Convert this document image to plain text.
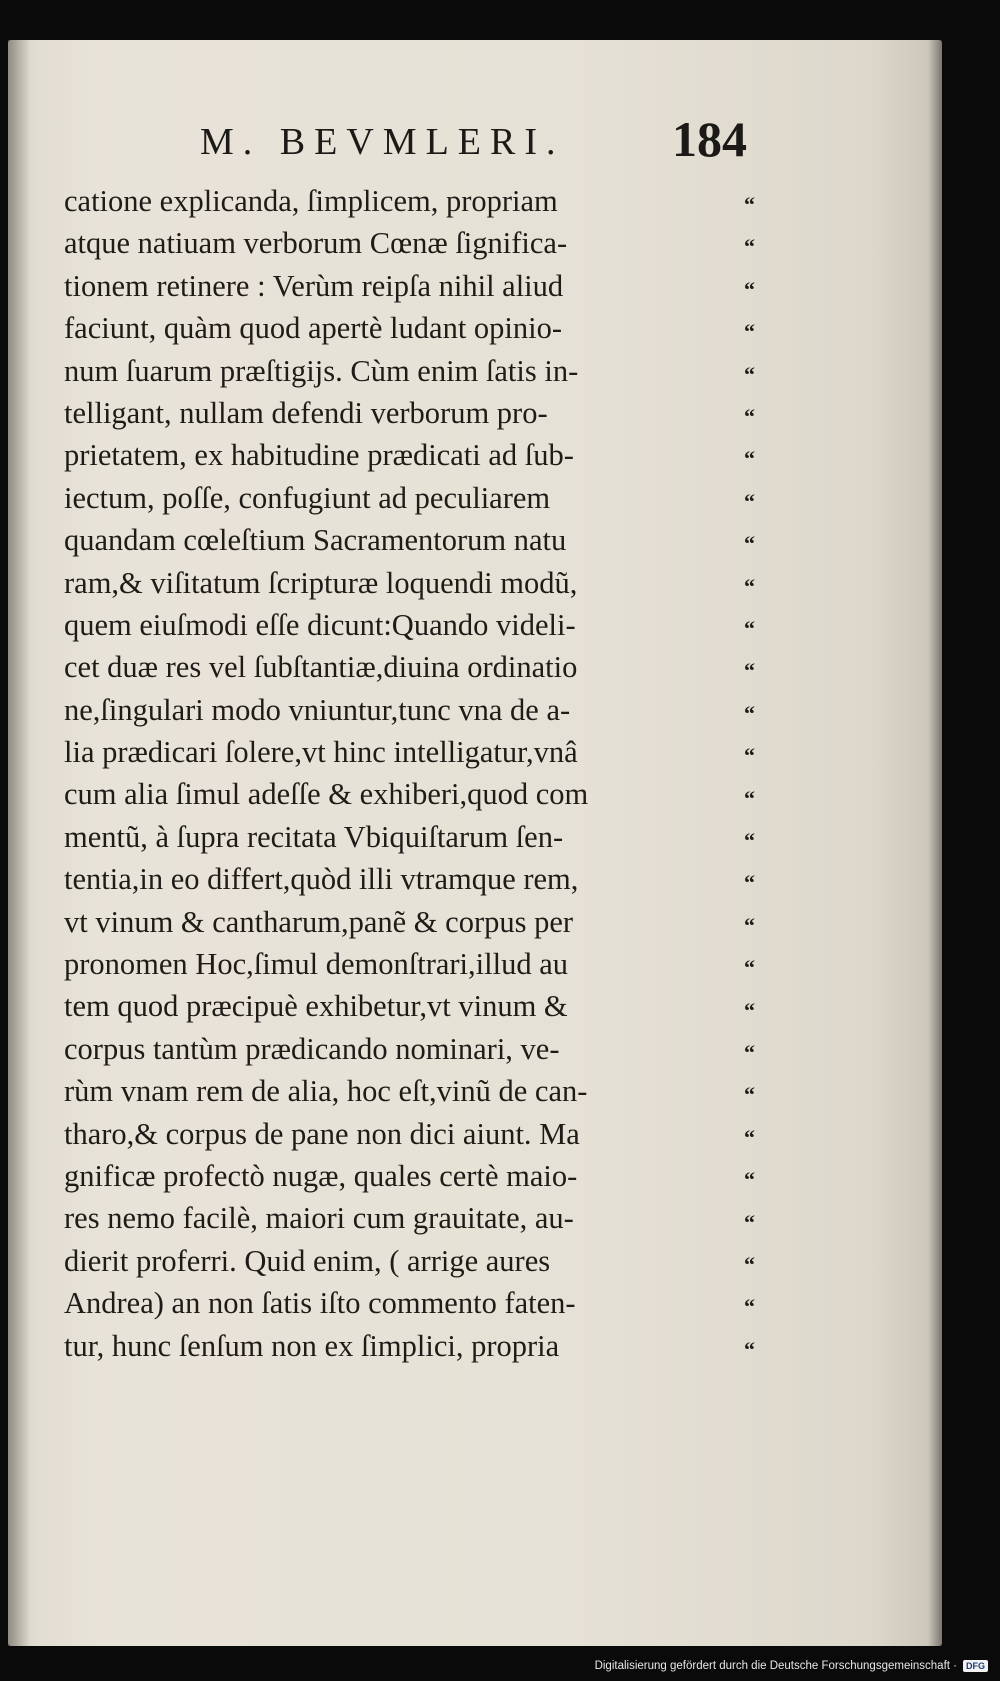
M. BEVMLERI. 184
catione explicanda, ſimplicem, propriam
atque natiuam verborum Cœnæ ſignifica-
tionem retinere : Verùm reipſa nihil aliud
faciunt, quàm quod apertè ludant opinio-
num ſuarum præſtigijs. Cùm enim ſatis in-
telligant, nullam defendi verborum pro-
prietatem, ex habitudine prædicati ad ſub-
iectum, poſſe, confugiunt ad peculiarem
quandam cœleſtium Sacramentorum natu
ram,& viſitatum ſcripturæ loquendi modũ,
quem eiuſmodi eſſe dicunt:Quando videli-
cet duæ res vel ſubſtantiæ,diuina ordinatio
ne,ſingulari modo vniuntur,tunc vna de a-
lia prædicari ſolere,vt hinc intelligatur,vnâ
cum alia ſimul adeſſe & exhiberi,quod com
mentũ, à ſupra recitata Vbiquiſtarum ſen-
tentia,in eo differt,quòd illi vtramque rem,
vt vinum & cantharum,panẽ & corpus per
pronomen Hoc,ſimul demonſtrari,illud au
tem quod præcipuè exhibetur,vt vinum &
corpus tantùm prædicando nominari, ve-
rùm vnam rem de alia, hoc eſt,vinũ de can-
tharo,& corpus de pane non dici aiunt. Ma
gnificæ profectò nugæ, quales certè maio-
res nemo facilè, maiori cum grauitate, au-
dierit proferri. Quid enim, ( arrige aures
Andrea) an non ſatis iſto commento faten-
tur, hunc ſenſum non ex ſimplici, propria
“
“
“
“
“
“
“
“
“
“
“
“
“
“
“
“
“
“
“
“
“
“
“
“
“
“
“
“
Digitalisierung gefördert durch die Deutsche Forschungsgemeinschaft ·	DFG
